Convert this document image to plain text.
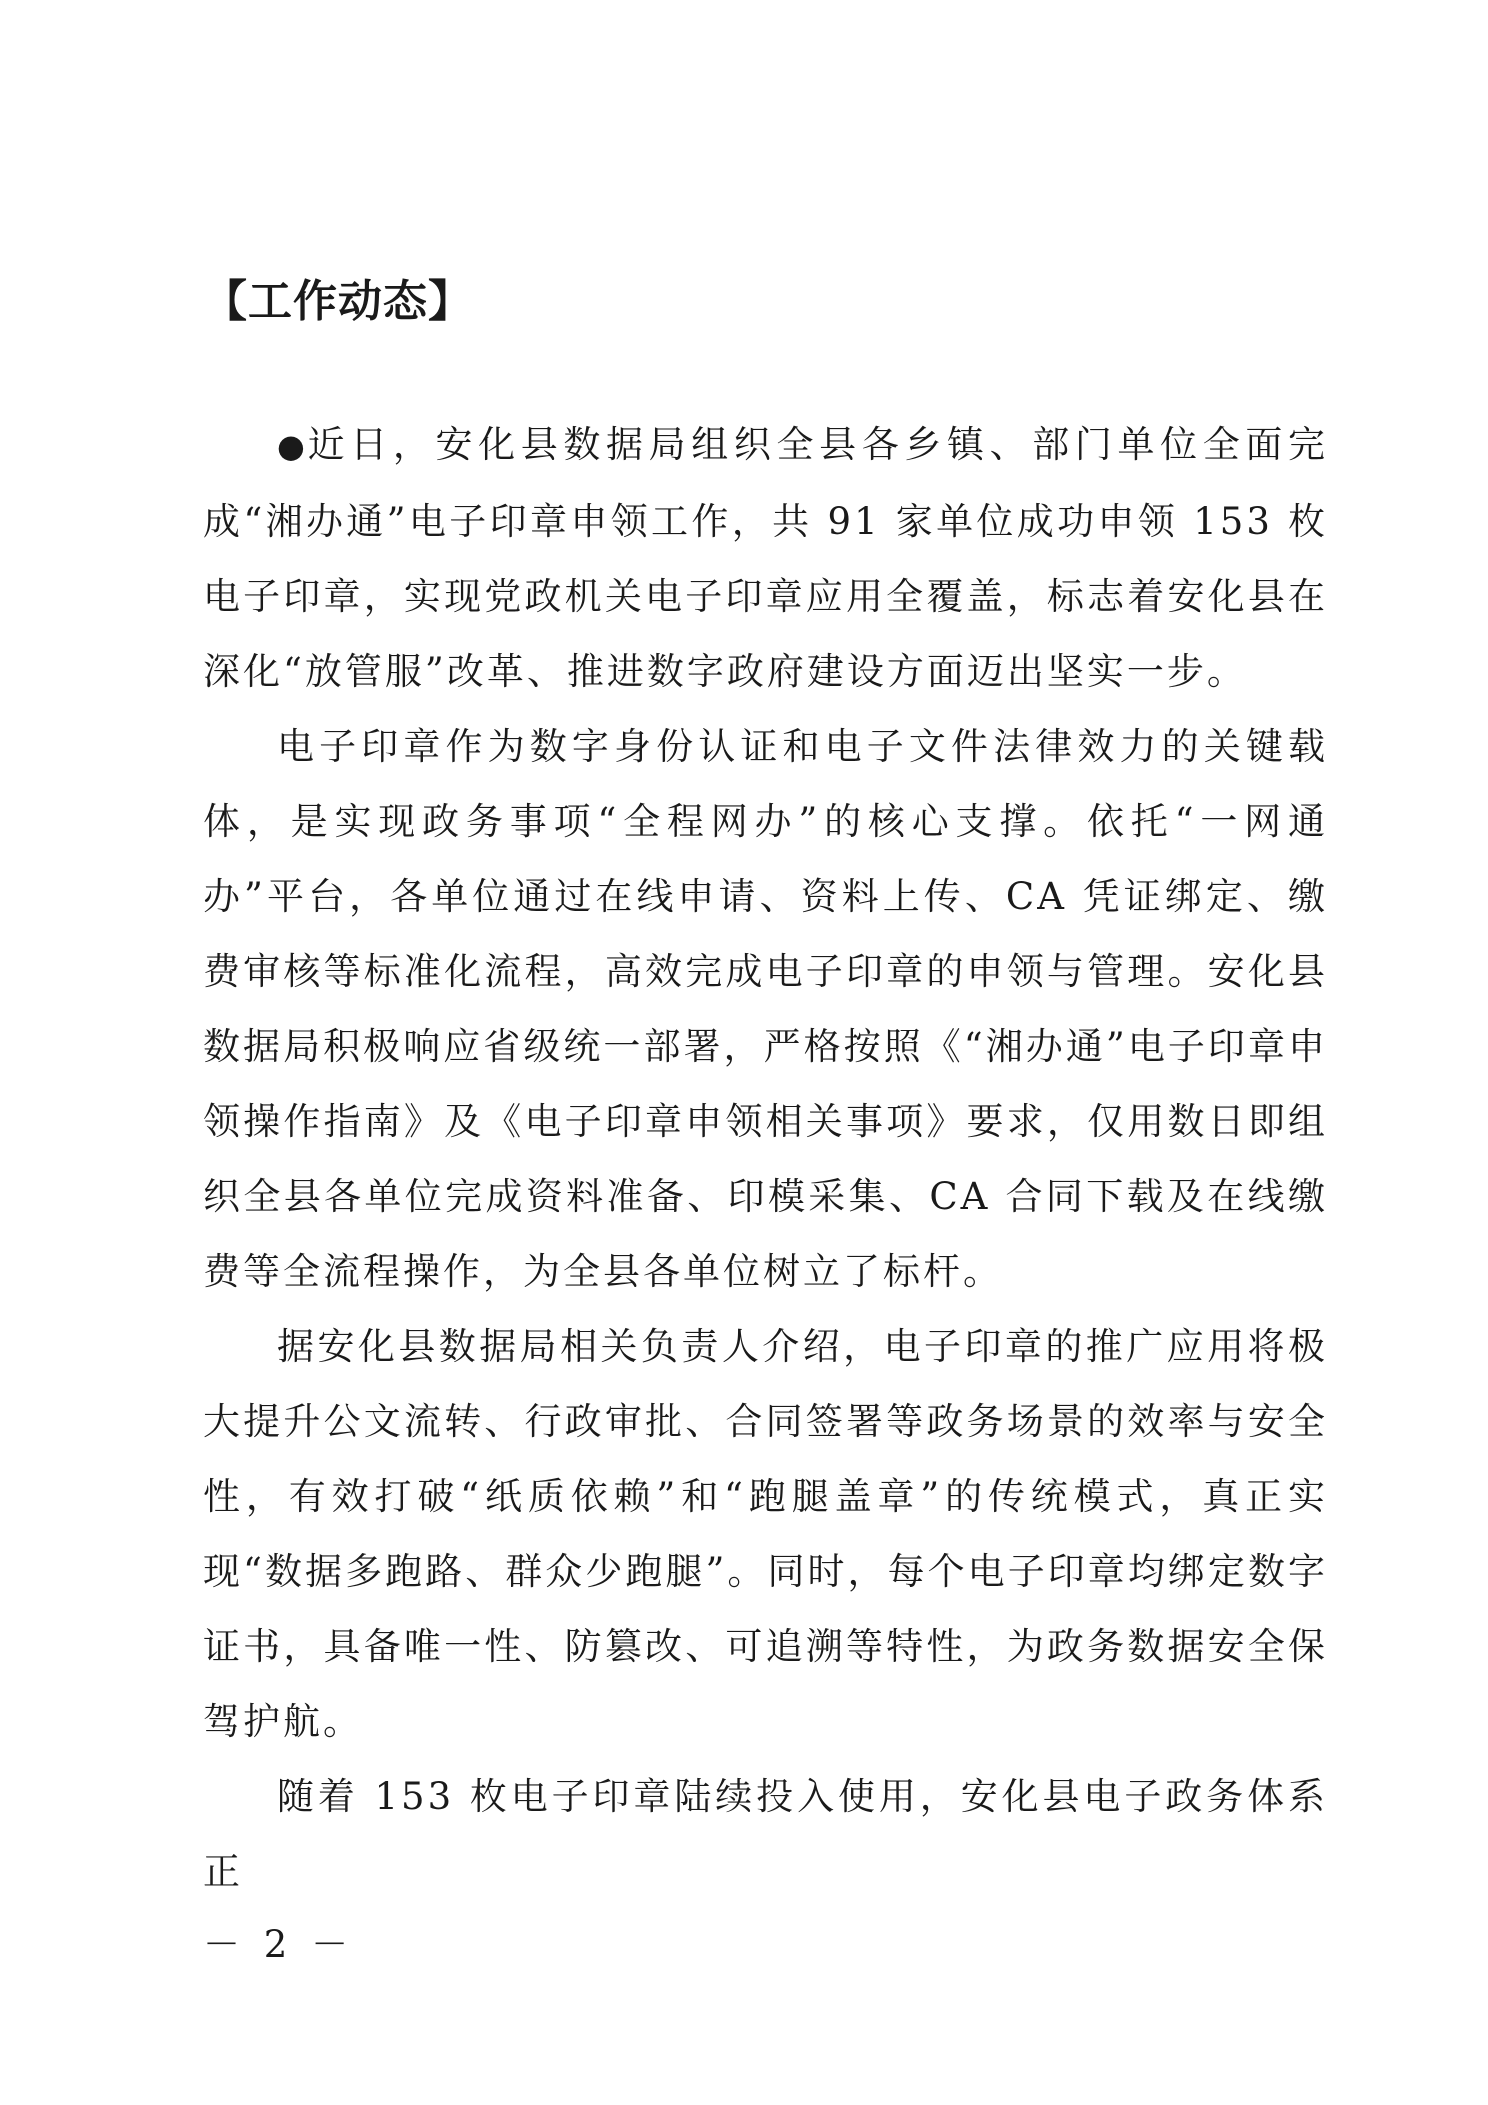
【工作动态】

●近日，安化县数据局组织全县各乡镇、部门单位全面完成“湘办通”电子印章申领工作，共 91 家单位成功申领 153 枚电子印章，实现党政机关电子印章应用全覆盖，标志着安化县在深化“放管服”改革、推进数字政府建设方面迈出坚实一步。

电子印章作为数字身份认证和电子文件法律效力的关键载体，是实现政务事项“全程网办”的核心支撑。依托“一网通办”平台，各单位通过在线申请、资料上传、CA 凭证绑定、缴费审核等标准化流程，高效完成电子印章的申领与管理。安化县数据局积极响应省级统一部署，严格按照《“湘办通”电子印章申领操作指南》及《电子印章申领相关事项》要求，仅用数日即组织全县各单位完成资料准备、印模采集、CA 合同下载及在线缴费等全流程操作，为全县各单位树立了标杆。

据安化县数据局相关负责人介绍，电子印章的推广应用将极大提升公文流转、行政审批、合同签署等政务场景的效率与安全性，有效打破“纸质依赖”和“跑腿盖章”的传统模式，真正实现“数据多跑路、群众少跑腿”。同时，每个电子印章均绑定数字证书，具备唯一性、防篡改、可追溯等特性，为政务数据安全保驾护航。

随着 153 枚电子印章陆续投入使用，安化县电子政务体系正

－ 2 －
